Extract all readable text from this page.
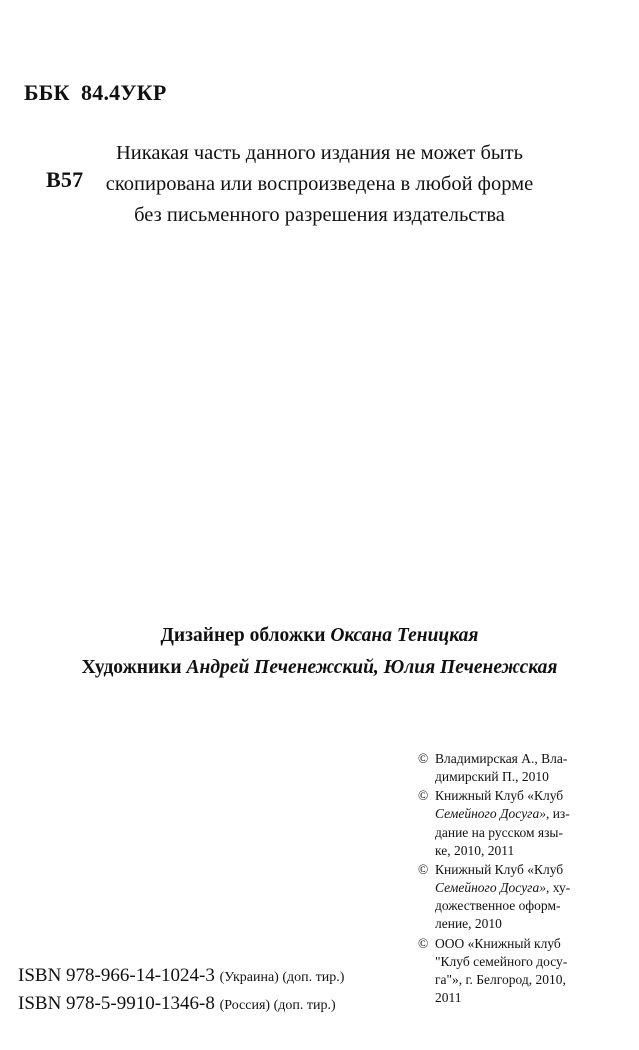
ББК  84.4УКР

В57

Никакая часть данного издания не может быть
скопирована или воспроизведена в любой форме
без письменного разрешения издательства
Дизайнер обложки Оксана Теницкая
Художники Андрей Печенежский, Юлия Печенежская
© Владимирская А., Вла-
димирский П., 2010
© Книжный Клуб «Клуб
Семейного Досуга», из-
дание на русском язы-
ке, 2010, 2011
© Книжный Клуб «Клуб
Семейного Досуга», ху-
дожественное оформ-
ление, 2010
© ООО «Книжный клуб
"Клуб семейного досу-
га"», г. Белгород, 2010,
2011
ISBN 978-966-14-1024-3 (Украина) (доп. тир.)
ISBN 978-5-9910-1346-8 (Россия) (доп. тир.)
